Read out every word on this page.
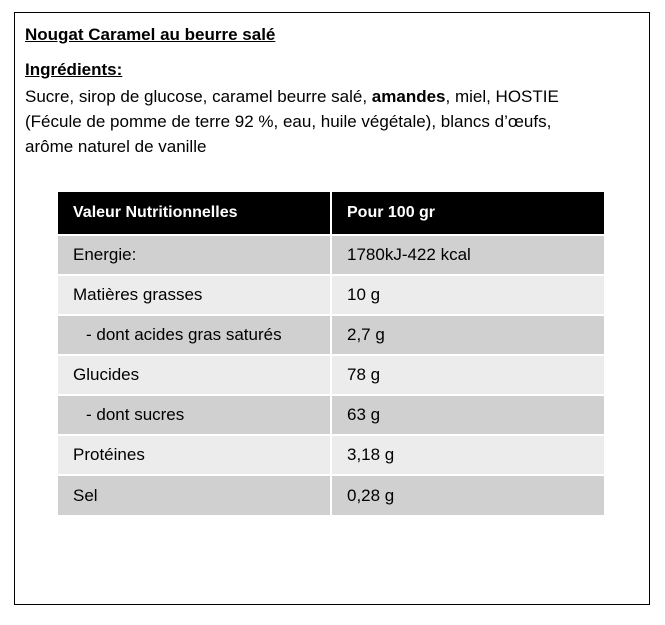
Nougat Caramel au beurre salé
Ingrédients:
Sucre, sirop de glucose, caramel beurre salé, amandes, miel, HOSTIE
(Fécule de pomme de terre 92 %, eau, huile végétale), blancs d’œufs,
arôme naturel de vanille
Valeur Nutritionnelles	Pour 100 gr
Energie:	1780kJ-422 kcal
Matières grasses	10 g
- dont acides gras saturés	2,7 g
Glucides	78 g
- dont sucres	63 g
Protéines	3,18 g
Sel	0,28 g
